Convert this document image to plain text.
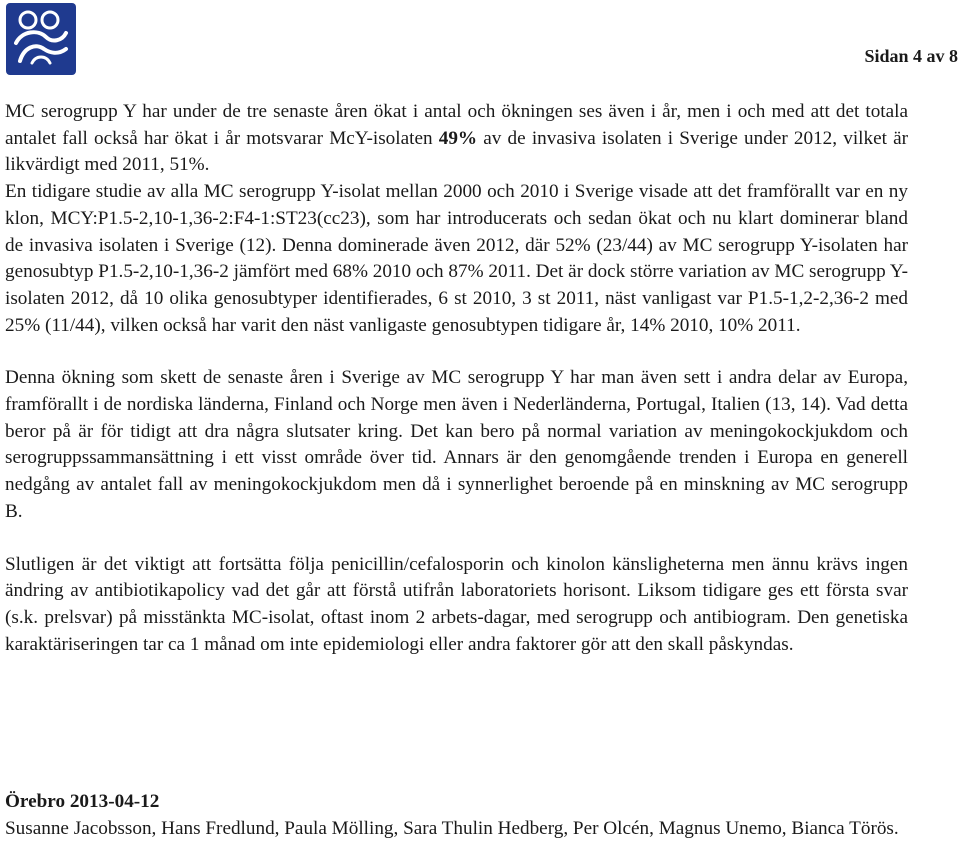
Sidan 4 av 8

MC serogrupp Y har under de tre senaste åren ökat i antal och ökningen ses även i år, men i och med att det totala antalet fall också har ökat i år motsvarar McY-isolaten 49% av de invasiva isolaten i Sverige under 2012, vilket är likvärdigt med 2011, 51%.

En tidigare studie av alla MC serogrupp Y-isolat mellan 2000 och 2010 i Sverige visade att det framförallt var en ny klon, MCY:P1.5-2,10-1,36-2:F4-1:ST23(cc23), som har introducerats och sedan ökat och nu klart dominerar bland de invasiva isolaten i Sverige (12). Denna dominerade även 2012, där 52% (23/44) av MC serogrupp Y-isolaten har genosubtyp P1.5-2,10-1,36-2 jämfört med 68% 2010 och 87% 2011. Det är dock större variation av MC serogrupp Y-isolaten 2012, då 10 olika genosubtyper identifierades, 6 st 2010, 3 st 2011, näst vanligast var P1.5-1,2-2,36-2 med 25% (11/44), vilken också har varit den näst vanligaste genosubtypen tidigare år, 14% 2010, 10% 2011.

Denna ökning som skett de senaste åren i Sverige av MC serogrupp Y har man även sett i andra delar av Europa, framförallt i de nordiska länderna, Finland och Norge men även i Nederländerna, Portugal, Italien (13, 14). Vad detta beror på är för tidigt att dra några slutsater kring. Det kan bero på normal variation av meningokockjukdom och serogruppssammansättning i ett visst område över tid. Annars är den genomgående trenden i Europa en generell nedgång av antalet fall av meningokockjukdom men då i synnerlighet beroende på en minskning av MC serogrupp B.

Slutligen är det viktigt att fortsätta följa penicillin/cefalosporin och kinolon känsligheterna men ännu krävs ingen ändring av antibiotikapolicy vad det går att förstå utifrån laboratoriets horisont. Liksom tidigare ges ett första svar (s.k. prelsvar) på misstänkta MC-isolat, oftast inom 2 arbets-dagar, med serogrupp och antibiogram. Den genetiska karaktäriseringen tar ca 1 månad om inte epidemiologi eller andra faktorer gör att den skall påskyndas.

Örebro 2013-04-12

Susanne Jacobsson, Hans Fredlund, Paula Mölling, Sara Thulin Hedberg, Per Olcén, Magnus Unemo, Bianca Törös.
